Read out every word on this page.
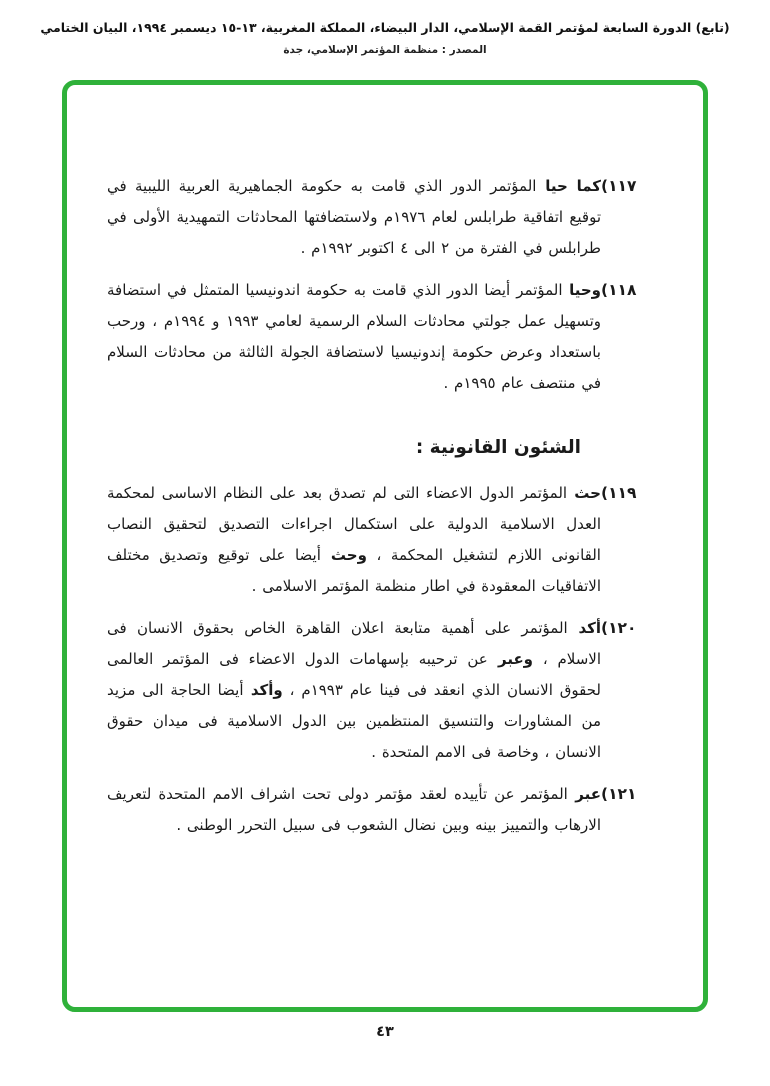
(تابع) الدورة السابعة لمؤتمر القمة الإسلامي، الدار البيضاء، المملكة المغربية، ١٣-١٥ ديسمبر ١٩٩٤، البيان الختامي
المصدر : منظمة المؤتمر الإسلامي، جدة
(١١٧
كما حيا المؤتمر الدور الذي قامت به حكومة الجماهيرية العربية الليبية في توقيع اتفاقية طرابلس لعام ١٩٧٦م ولاستضافتها المحادثات التمهيدية الأولى في طرابلس في الفترة من ٢ الى ٤ اكتوبر ١٩٩٢م .
(١١٨
وحيا المؤتمر أيضا الدور الذي قامت به حكومة اندونيسيا المتمثل في استضافة وتسهيل عمل جولتي محادثات السلام الرسمية لعامي ١٩٩٣ و ١٩٩٤م ، ورحب باستعداد وعرض حكومة إندونيسيا لاستضافة الجولة الثالثة من محادثات السلام في منتصف عام ١٩٩٥م .
الشئون القانونية :
(١١٩
حث المؤتمر الدول الاعضاء التى لم تصدق بعد على النظام الاساسى لمحكمة العدل الاسلامية الدولية على استكمال اجراءات التصديق لتحقيق النصاب القانونى اللازم لتشغيل المحكمة ، وحث أيضا على توقيع وتصديق مختلف الاتفاقيات المعقودة في اطار منظمة المؤتمر الاسلامى .
(١٢٠
أكد المؤتمر على أهمية متابعة اعلان القاهرة الخاص بحقوق الانسان فى الاسلام ، وعبر عن ترحيبه بإسهامات الدول الاعضاء فى المؤتمر العالمى لحقوق الانسان الذي انعقد فى فينا عام ١٩٩٣م ، وأكد أيضا الحاجة الى مزيد من المشاورات والتنسيق المنتظمين بين الدول الاسلامية فى ميدان حقوق الانسان ، وخاصة فى الامم المتحدة .
(١٢١
عبر المؤتمر عن تأييده لعقد مؤتمر دولى تحت اشراف الامم المتحدة لتعريف الارهاب والتمييز بينه وبين نضال الشعوب فى سبيل التحرر الوطنى .
٤٣
